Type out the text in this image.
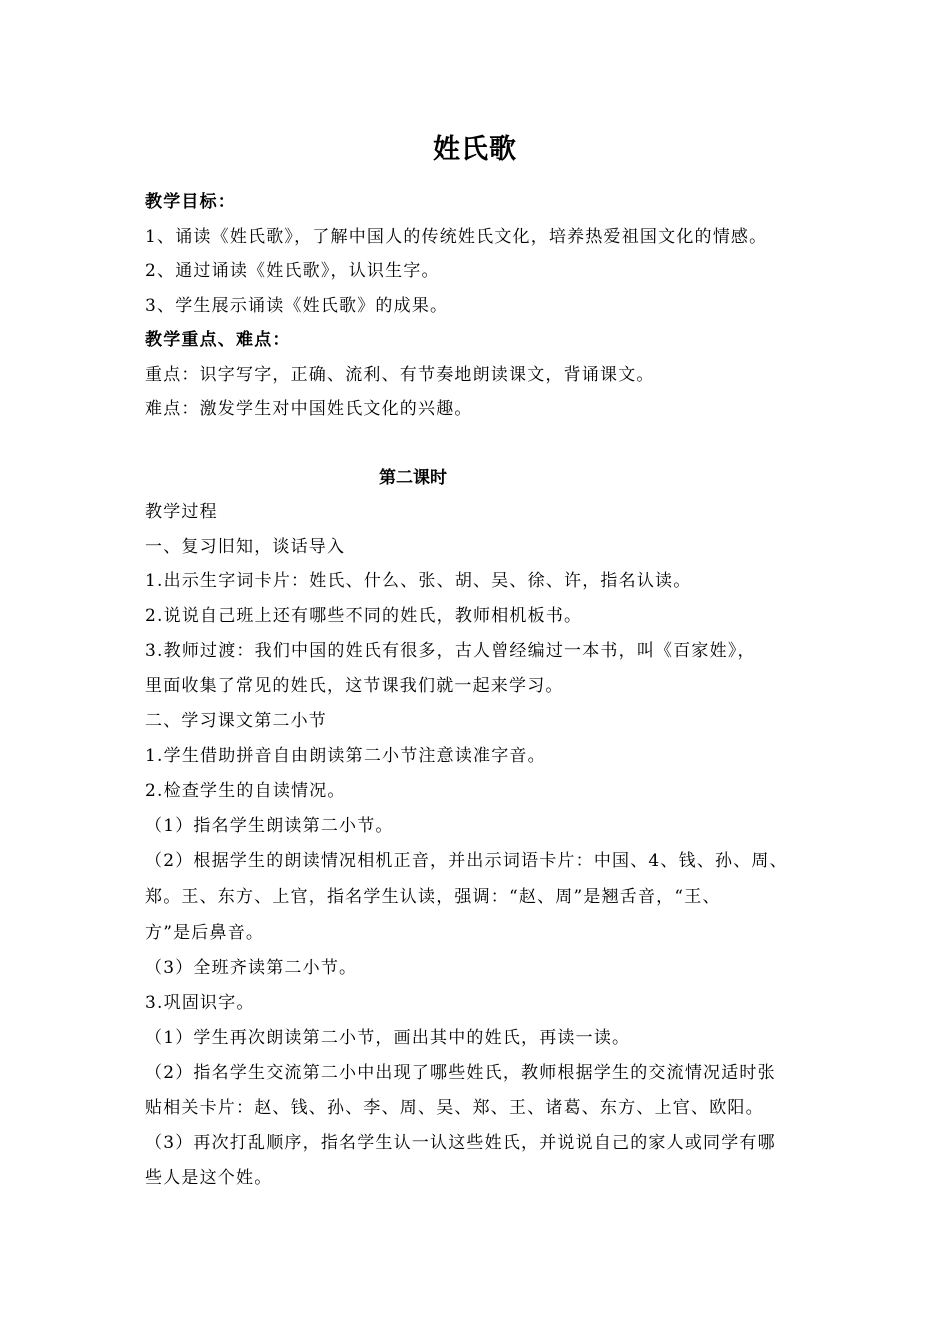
姓氏歌
教学目标：
1、诵读《姓氏歌》，了解中国人的传统姓氏文化，培养热爱祖国文化的情感。
2、通过诵读《姓氏歌》，认识生字。
3、学生展示诵读《姓氏歌》的成果。
教学重点、难点：
重点：识字写字，正确、流利、有节奏地朗读课文，背诵课文。
难点：激发学生对中国姓氏文化的兴趣。
第二课时
教学过程
一、复习旧知，谈话导入
1.出示生字词卡片：姓氏、什么、张、胡、吴、徐、许，指名认读。
2.说说自己班上还有哪些不同的姓氏，教师相机板书。
3.教师过渡：我们中国的姓氏有很多，古人曾经编过一本书，叫《百家姓》，
里面收集了常见的姓氏，这节课我们就一起来学习。
二、学习课文第二小节
1.学生借助拼音自由朗读第二小节注意读准字音。
2.检查学生的自读情况。
（1）指名学生朗读第二小节。
（2）根据学生的朗读情况相机正音，并出示词语卡片：中国、4、钱、孙、周、
郑。王、东方、上官，指名学生认读，强调：“赵、周”是翘舌音，“王、
方”是后鼻音。
（3）全班齐读第二小节。
3.巩固识字。
（1）学生再次朗读第二小节，画出其中的姓氏，再读一读。
（2）指名学生交流第二小中出现了哪些姓氏，教师根据学生的交流情况适时张
贴相关卡片：赵、钱、孙、李、周、吴、郑、王、诸葛、东方、上官、欧阳。
（3）再次打乱顺序，指名学生认一认这些姓氏，并说说自己的家人或同学有哪
些人是这个姓。
